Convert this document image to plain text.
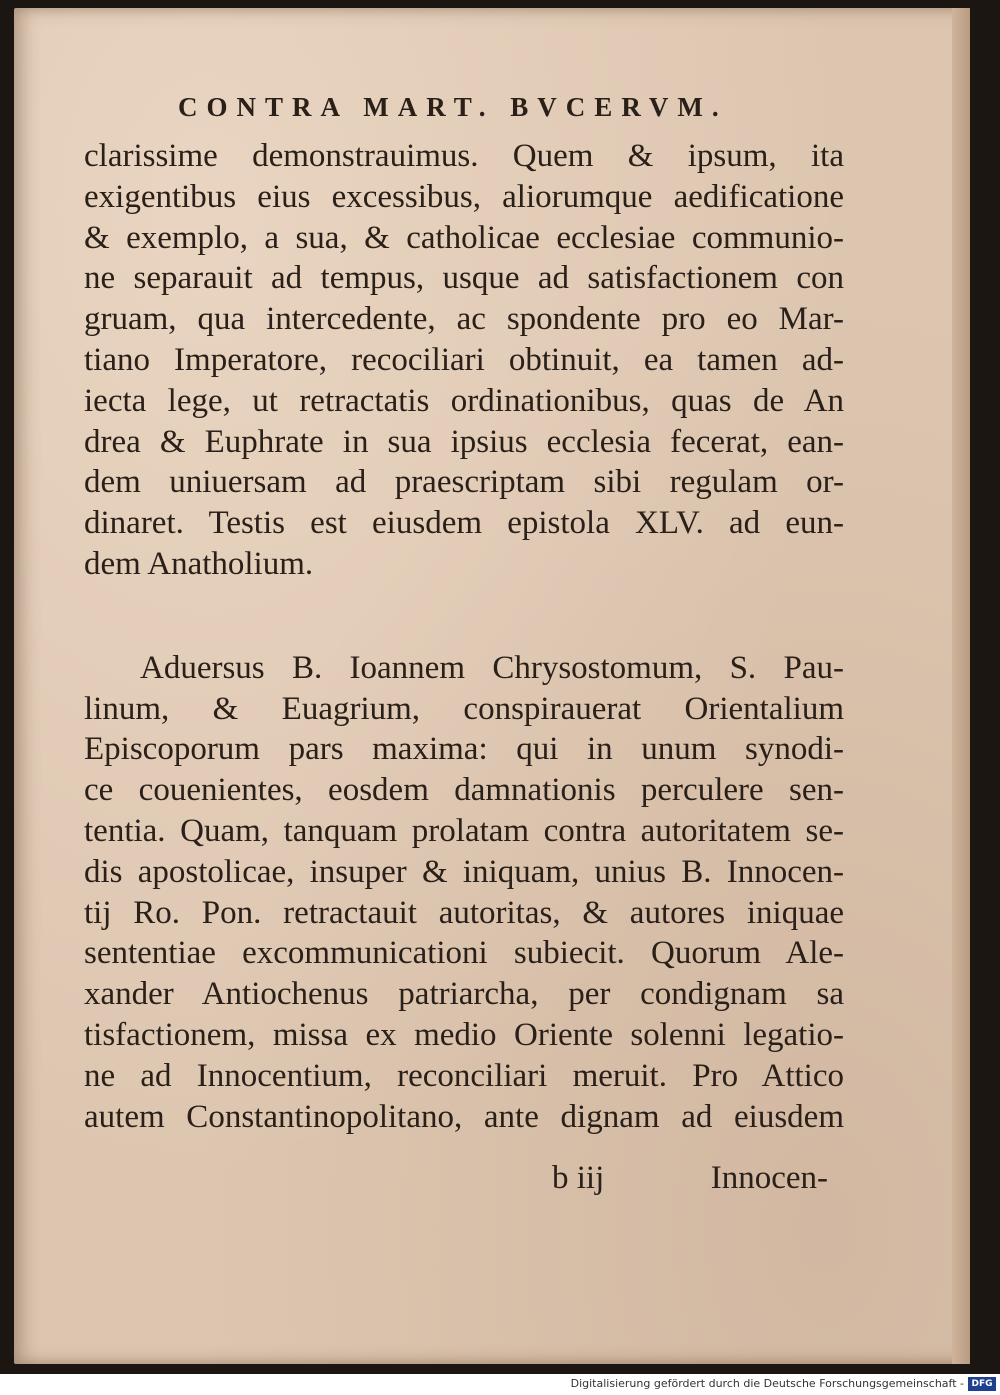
CONTRA MART. BVCERVM.
clarissime demonstrauimus. Quem & ipsum, ita
exigentibus eius excessibus, aliorumque aedificatione
& exemplo, a sua, & catholicae ecclesiae communio-
ne separauit ad tempus, usque ad satisfactionem con
gruam, qua intercedente, ac spondente pro eo Mar-
tiano Imperatore, recociliari obtinuit, ea tamen ad-
iecta lege, ut retractatis ordinationibus, quas de An
drea & Euphrate in sua ipsius ecclesia fecerat, ean-
dem uniuersam ad praescriptam sibi regulam or-
dinaret. Testis est eiusdem epistola XLV. ad eun-
dem Anatholium.
Aduersus B. Ioannem Chrysostomum, S. Pau-
linum, & Euagrium, conspirauerat Orientalium
Episcoporum pars maxima: qui in unum synodi-
ce couenientes, eosdem damnationis perculere sen-
tentia. Quam, tanquam prolatam contra autoritatem se-
dis apostolicae, insuper & iniquam, unius B. Innocen-
tij Ro. Pon. retractauit autoritas, & autores iniquae
sententiae excommunicationi subiecit. Quorum Ale-
xander Antiochenus patriarcha, per condignam sa
tisfactionem, missa ex medio Oriente solenni legatio-
ne ad Innocentium, reconciliari meruit. Pro Attico
autem Constantinopolitano, ante dignam ad eiusdem
b iij	Innocen-
Digitalisierung gefördert durch die Deutsche Forschungsgemeinschaft - DFG
